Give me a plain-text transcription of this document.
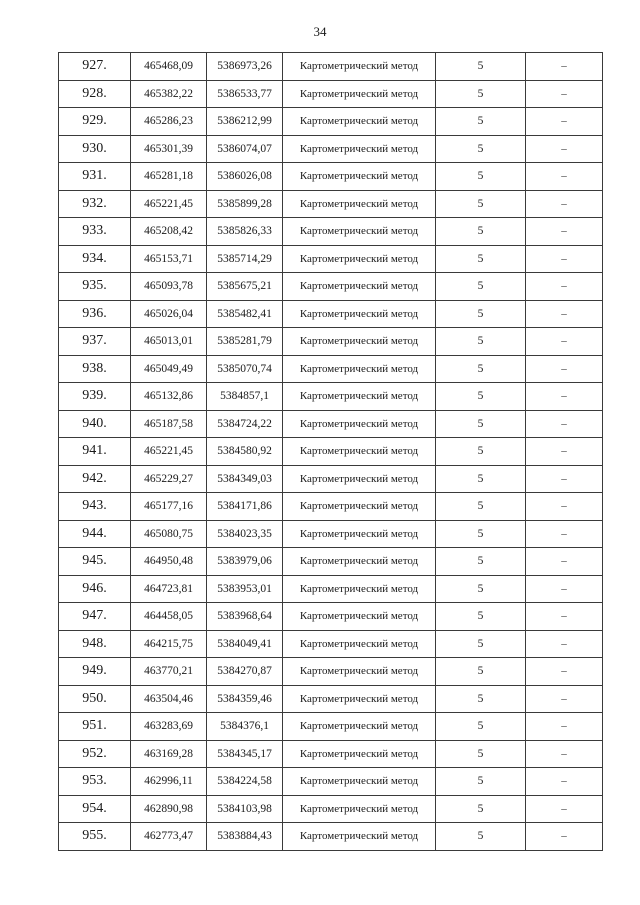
34
927.	465468,09	5386973,26	Картометрический метод	5	–
928.	465382,22	5386533,77	Картометрический метод	5	–
929.	465286,23	5386212,99	Картометрический метод	5	–
930.	465301,39	5386074,07	Картометрический метод	5	–
931.	465281,18	5386026,08	Картометрический метод	5	–
932.	465221,45	5385899,28	Картометрический метод	5	–
933.	465208,42	5385826,33	Картометрический метод	5	–
934.	465153,71	5385714,29	Картометрический метод	5	–
935.	465093,78	5385675,21	Картометрический метод	5	–
936.	465026,04	5385482,41	Картометрический метод	5	–
937.	465013,01	5385281,79	Картометрический метод	5	–
938.	465049,49	5385070,74	Картометрический метод	5	–
939.	465132,86	5384857,1	Картометрический метод	5	–
940.	465187,58	5384724,22	Картометрический метод	5	–
941.	465221,45	5384580,92	Картометрический метод	5	–
942.	465229,27	5384349,03	Картометрический метод	5	–
943.	465177,16	5384171,86	Картометрический метод	5	–
944.	465080,75	5384023,35	Картометрический метод	5	–
945.	464950,48	5383979,06	Картометрический метод	5	–
946.	464723,81	5383953,01	Картометрический метод	5	–
947.	464458,05	5383968,64	Картометрический метод	5	–
948.	464215,75	5384049,41	Картометрический метод	5	–
949.	463770,21	5384270,87	Картометрический метод	5	–
950.	463504,46	5384359,46	Картометрический метод	5	–
951.	463283,69	5384376,1	Картометрический метод	5	–
952.	463169,28	5384345,17	Картометрический метод	5	–
953.	462996,11	5384224,58	Картометрический метод	5	–
954.	462890,98	5384103,98	Картометрический метод	5	–
955.	462773,47	5383884,43	Картометрический метод	5	–
